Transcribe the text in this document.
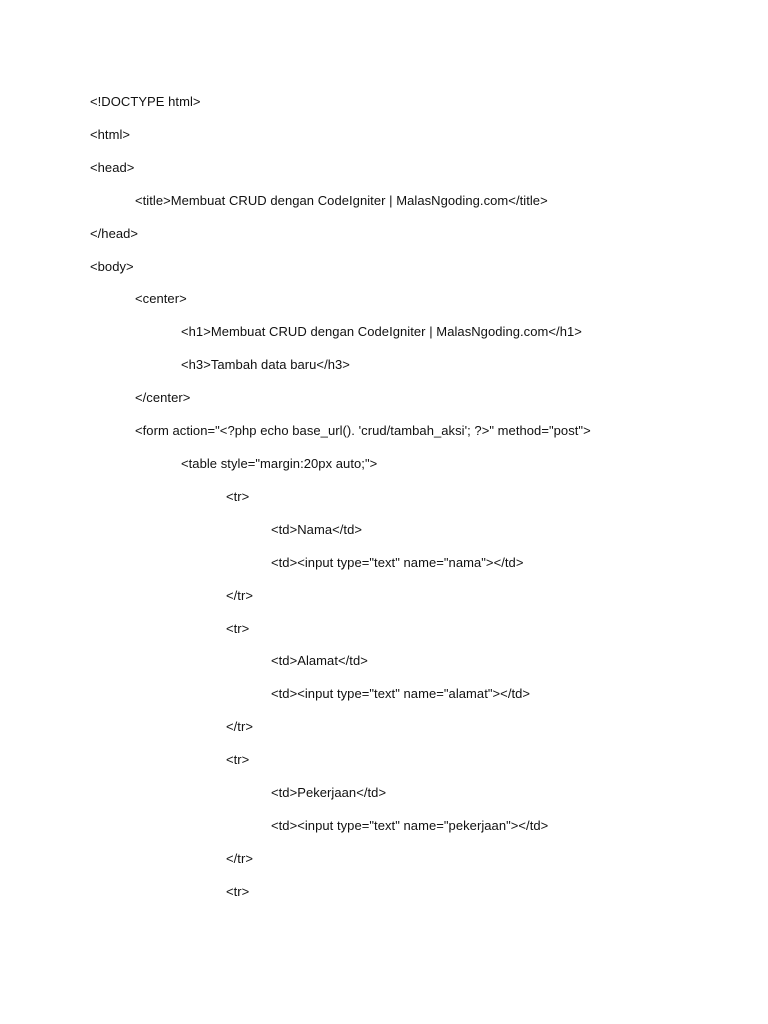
<!DOCTYPE html>
<html>
<head>
<title>Membuat CRUD dengan CodeIgniter | MalasNgoding.com</title>
</head>
<body>
<center>
<h1>Membuat CRUD dengan CodeIgniter | MalasNgoding.com</h1>
<h3>Tambah data baru</h3>
</center>
<form action="<?php echo base_url(). 'crud/tambah_aksi'; ?>" method="post">
<table style="margin:20px auto;">
<tr>
<td>Nama</td>
<td><input type="text" name="nama"></td>
</tr>
<tr>
<td>Alamat</td>
<td><input type="text" name="alamat"></td>
</tr>
<tr>
<td>Pekerjaan</td>
<td><input type="text" name="pekerjaan"></td>
</tr>
<tr>
